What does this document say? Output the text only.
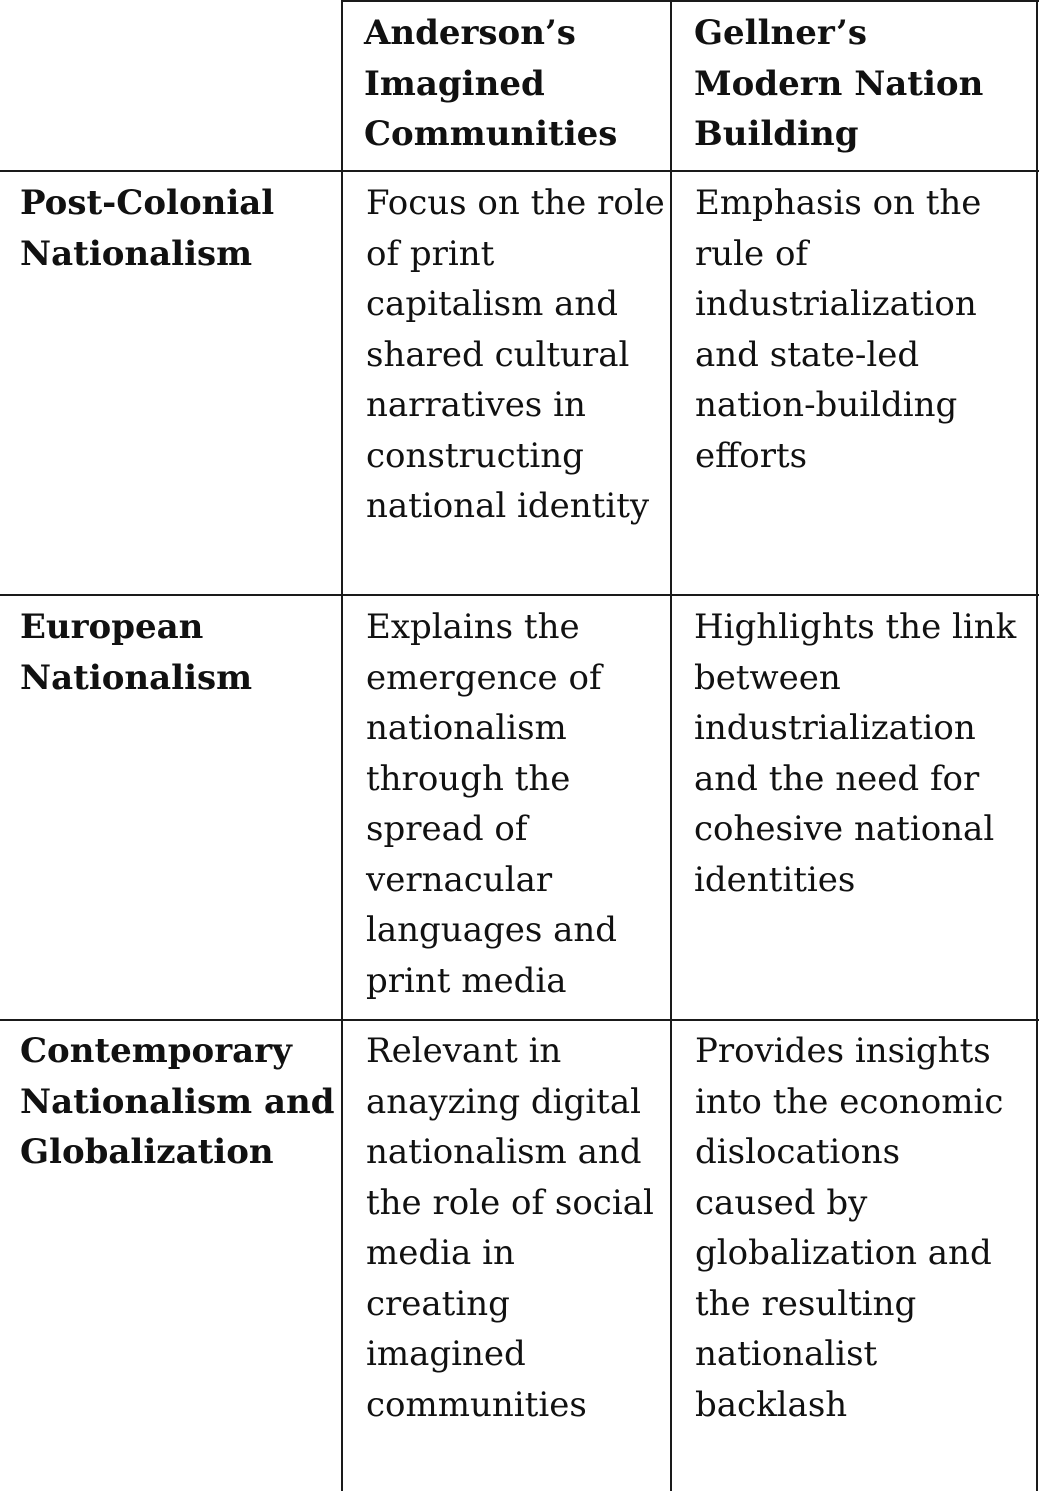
Anderson’s Imagined Communities
Gellner’s Modern Nation Building
Post-Colonial Nationalism
Focus on the role of print capitalism and shared cultural narratives in constructing national identity
Emphasis on the rule of industrialization and state-led nation-building efforts
European Nationalism
Explains the emergence of nationalism through the spread of vernacular languages and print media
Highlights the link between industrialization and the need for cohesive national identities
Contemporary Nationalism and Globalization
Relevant in anayzing digital nationalism and the role of social media in creating imagined communities
Provides insights into the economic dislocations caused by globalization and the resulting nationalist backlash
